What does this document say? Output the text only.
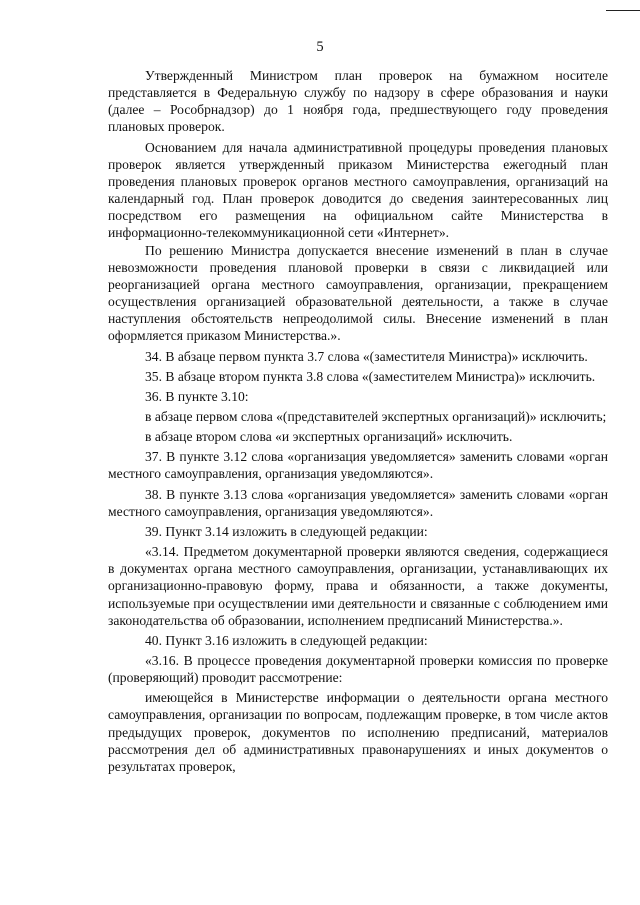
5

Утвержденный Министром план проверок на бумажном носителе представляется в Федеральную службу по надзору в сфере образования и науки (далее – Рособрнадзор) до 1 ноября года, предшествующего году проведения плановых проверок.

Основанием для начала административной процедуры проведения плановых проверок является утвержденный приказом Министерства ежегодный план проведения плановых проверок органов местного самоуправления, организаций на календарный год. План проверок доводится до сведения заинтересованных лиц посредством его размещения на официальном сайте Министерства в информационно-телекоммуникационной сети «Интернет».

По решению Министра допускается внесение изменений в план в случае невозможности проведения плановой проверки в связи с ликвидацией или реорганизацией органа местного самоуправления, организации, прекращением осуществления организацией образовательной деятельности, а также в случае наступления обстоятельств непреодолимой силы. Внесение изменений в план оформляется приказом Министерства.».

34. В абзаце первом пункта 3.7 слова «(заместителя Министра)» исключить.

35. В абзаце втором пункта 3.8 слова «(заместителем Министра)» исключить.

36. В пункте 3.10:

в абзаце первом слова «(представителей экспертных организаций)» исключить;

в абзаце втором слова «и экспертных организаций» исключить.

37. В пункте 3.12 слова «организация уведомляется» заменить словами «орган местного самоуправления, организация уведомляются».

38. В пункте 3.13 слова «организация уведомляется» заменить словами «орган местного самоуправления, организация уведомляются».

39. Пункт 3.14 изложить в следующей редакции:

«3.14. Предметом документарной проверки являются сведения, содержащиеся в документах органа местного самоуправления, организации, устанавливающих их организационно-правовую форму, права и обязанности, а также документы, используемые при осуществлении ими деятельности и связанные с соблюдением ими законодательства об образовании, исполнением предписаний Министерства.».

40. Пункт 3.16 изложить в следующей редакции:

«3.16. В процессе проведения документарной проверки комиссия по проверке (проверяющий) проводит рассмотрение:

имеющейся в Министерстве информации о деятельности органа местного самоуправления, организации по вопросам, подлежащим проверке, в том числе актов предыдущих проверок, документов по исполнению предписаний, материалов рассмотрения дел об административных правонарушениях и иных документов о результатах проверок,
